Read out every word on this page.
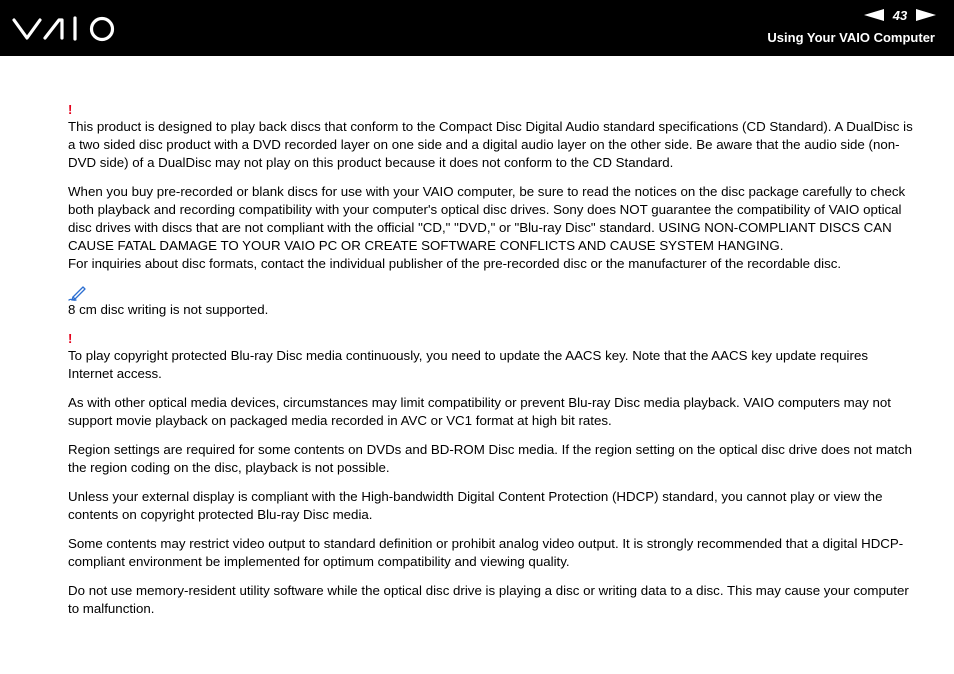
43
Using Your VAIO Computer
!

This product is designed to play back discs that conform to the Compact Disc Digital Audio standard specifications (CD Standard). A DualDisc is a two sided disc product with a DVD recorded layer on one side and a digital audio layer on the other side. Be aware that the audio side (non-DVD side) of a DualDisc may not play on this product because it does not conform to the CD Standard.

When you buy pre-recorded or blank discs for use with your VAIO computer, be sure to read the notices on the disc package carefully to check both playback and recording compatibility with your computer's optical disc drives. Sony does NOT guarantee the compatibility of VAIO optical disc drives with discs that are not compliant with the official "CD," "DVD," or "Blu-ray Disc" standard. USING NON-COMPLIANT DISCS CAN CAUSE FATAL DAMAGE TO YOUR VAIO PC OR CREATE SOFTWARE CONFLICTS AND CAUSE SYSTEM HANGING.

For inquiries about disc formats, contact the individual publisher of the pre-recorded disc or the manufacturer of the recordable disc.

8 cm disc writing is not supported.

!

To play copyright protected Blu-ray Disc media continuously, you need to update the AACS key. Note that the AACS key update requires Internet access.

As with other optical media devices, circumstances may limit compatibility or prevent Blu-ray Disc media playback. VAIO computers may not support movie playback on packaged media recorded in AVC or VC1 format at high bit rates.

Region settings are required for some contents on DVDs and BD-ROM Disc media. If the region setting on the optical disc drive does not match the region coding on the disc, playback is not possible.

Unless your external display is compliant with the High-bandwidth Digital Content Protection (HDCP) standard, you cannot play or view the contents on copyright protected Blu-ray Disc media.

Some contents may restrict video output to standard definition or prohibit analog video output. It is strongly recommended that a digital HDCP-compliant environment be implemented for optimum compatibility and viewing quality.

Do not use memory-resident utility software while the optical disc drive is playing a disc or writing data to a disc. This may cause your computer to malfunction.
